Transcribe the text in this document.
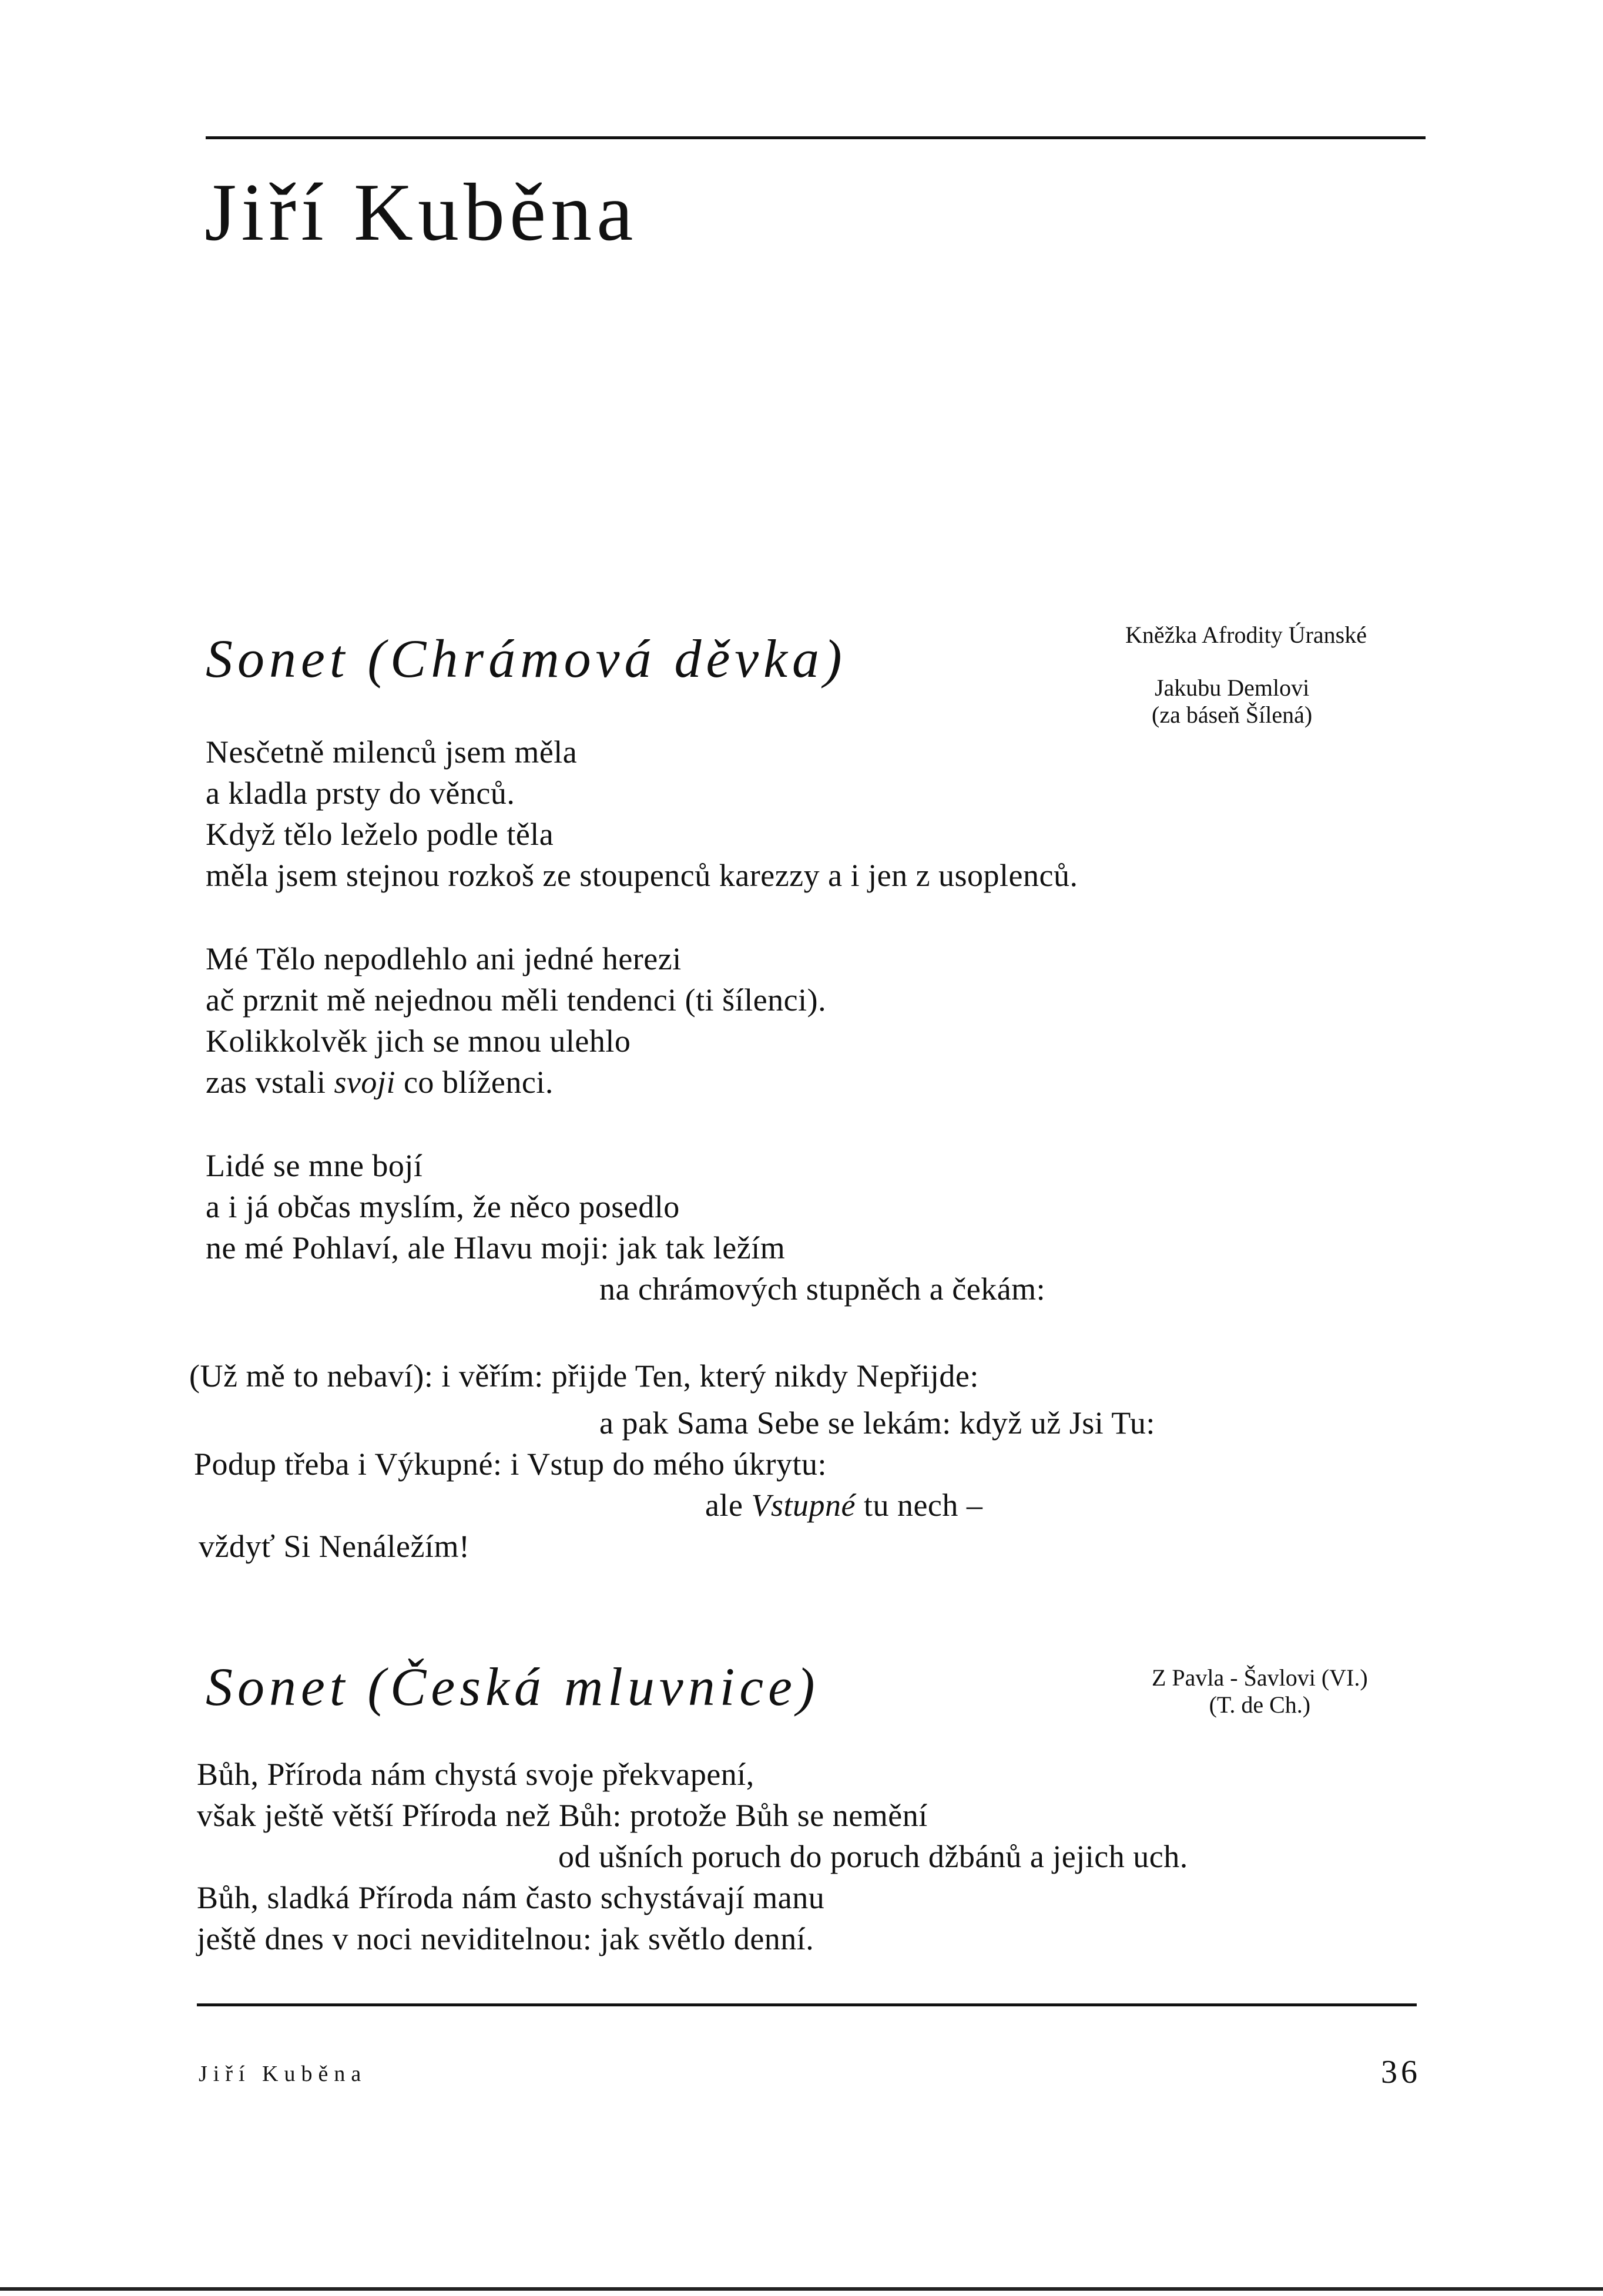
Jiří Kuběna
Sonet (Chrámová děvka)	Kněžka Afrodity Úranské
Jakubu Demlovi
(za báseň Šílená)
Nesčetně milenců jsem měla
a kladla prsty do věnců.
Když tělo leželo podle těla
měla jsem stejnou rozkoš ze stoupenců karezzy a i jen z usoplenců.
Mé Tělo nepodlehlo ani jedné herezi
ač prznit mě nejednou měli tendenci (ti šílenci).
Kolikkolvěk jich se mnou ulehlo
zas vstali svoji co blíženci.
Lidé se mne bojí
a i já občas myslím, že něco posedlo
ne mé Pohlaví, ale Hlavu moji: jak tak ležím
na chrámových stupněch a čekám:
(Už mě to nebaví): i věřím: přijde Ten, který nikdy Nepřijde:
a pak Sama Sebe se lekám: když už Jsi Tu:
Podup třeba i Výkupné: i Vstup do mého úkrytu:
ale Vstupné tu nech –
vždyť Si Nenáležím!
Sonet (Česká mluvnice)	Z Pavla - Šavlovi (VI.)
(T. de Ch.)
Bůh, Příroda nám chystá svoje překvapení,
však ještě větší Příroda než Bůh: protože Bůh se nemění
od ušních poruch do poruch džbánů a jejich uch.
Bůh, sladká Příroda nám často schystávají manu
ještě dnes v noci neviditelnou: jak světlo denní.
Jiří Kuběna	36
